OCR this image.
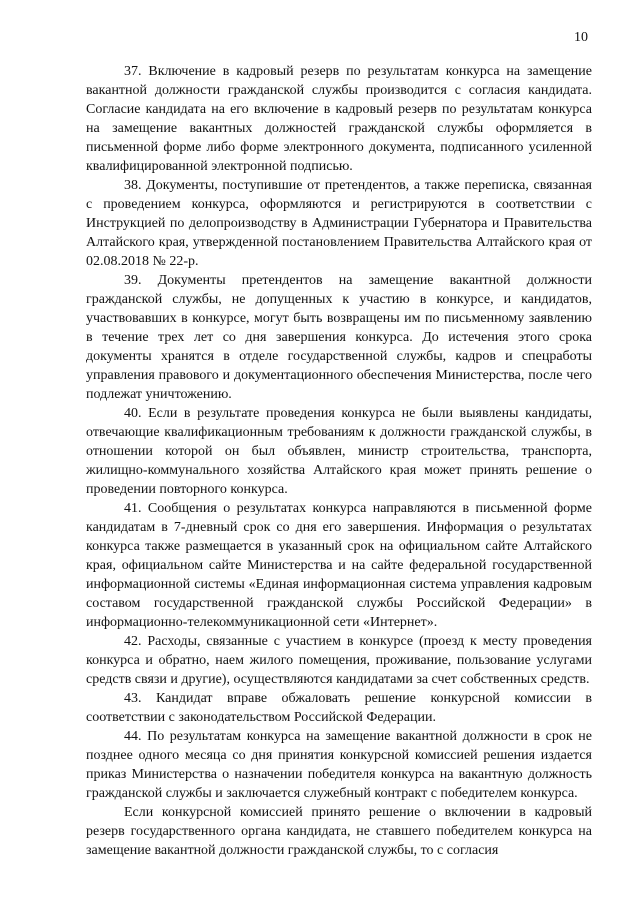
10

37. Включение в кадровый резерв по результатам конкурса на замещение вакантной должности гражданской службы производится с согласия кандидата. Согласие кандидата на его включение в кадровый резерв по результатам конкурса на замещение вакантных должностей гражданской службы оформляется в письменной форме либо форме электронного документа, подписанного усиленной квалифицированной электронной подписью.

38. Документы, поступившие от претендентов, а также переписка, связанная с проведением конкурса, оформляются и регистрируются в соответствии с Инструкцией по делопроизводству в Администрации Губернатора и Правительства Алтайского края, утвержденной постановлением Правительства Алтайского края от 02.08.2018 № 22-р.

39. Документы претендентов на замещение вакантной должности гражданской службы, не допущенных к участию в конкурсе, и кандидатов, участвовавших в конкурсе, могут быть возвращены им по письменному заявлению в течение трех лет со дня завершения конкурса. До истечения этого срока документы хранятся в отделе государственной службы, кадров и спецработы управления правового и документационного обеспечения Министерства, после чего подлежат уничтожению.

40. Если в результате проведения конкурса не были выявлены кандидаты, отвечающие квалификационным требованиям к должности гражданской службы, в отношении которой он был объявлен, министр строительства, транспорта, жилищно-коммунального хозяйства Алтайского края может принять решение о проведении повторного конкурса.

41. Сообщения о результатах конкурса направляются в письменной форме кандидатам в 7-дневный срок со дня его завершения. Информация о результатах конкурса также размещается в указанный срок на официальном сайте Алтайского края, официальном сайте Министерства и на сайте федеральной государственной информационной системы «Единая информационная система управления кадровым составом государственной гражданской службы Российской Федерации» в информационно-телекоммуникационной сети «Интернет».

42. Расходы, связанные с участием в конкурсе (проезд к месту проведения конкурса и обратно, наем жилого помещения, проживание, пользование услугами средств связи и другие), осуществляются кандидатами за счет собственных средств.

43. Кандидат вправе обжаловать решение конкурсной комиссии в соответствии с законодательством Российской Федерации.

44. По результатам конкурса на замещение вакантной должности в срок не позднее одного месяца со дня принятия конкурсной комиссией решения издается приказ Министерства о назначении победителя конкурса на вакантную должность гражданской службы и заключается служебный контракт с победителем конкурса.

Если конкурсной комиссией принято решение о включении в кадровый резерв государственного органа кандидата, не ставшего победителем конкурса на замещение вакантной должности гражданской службы, то с согласия
